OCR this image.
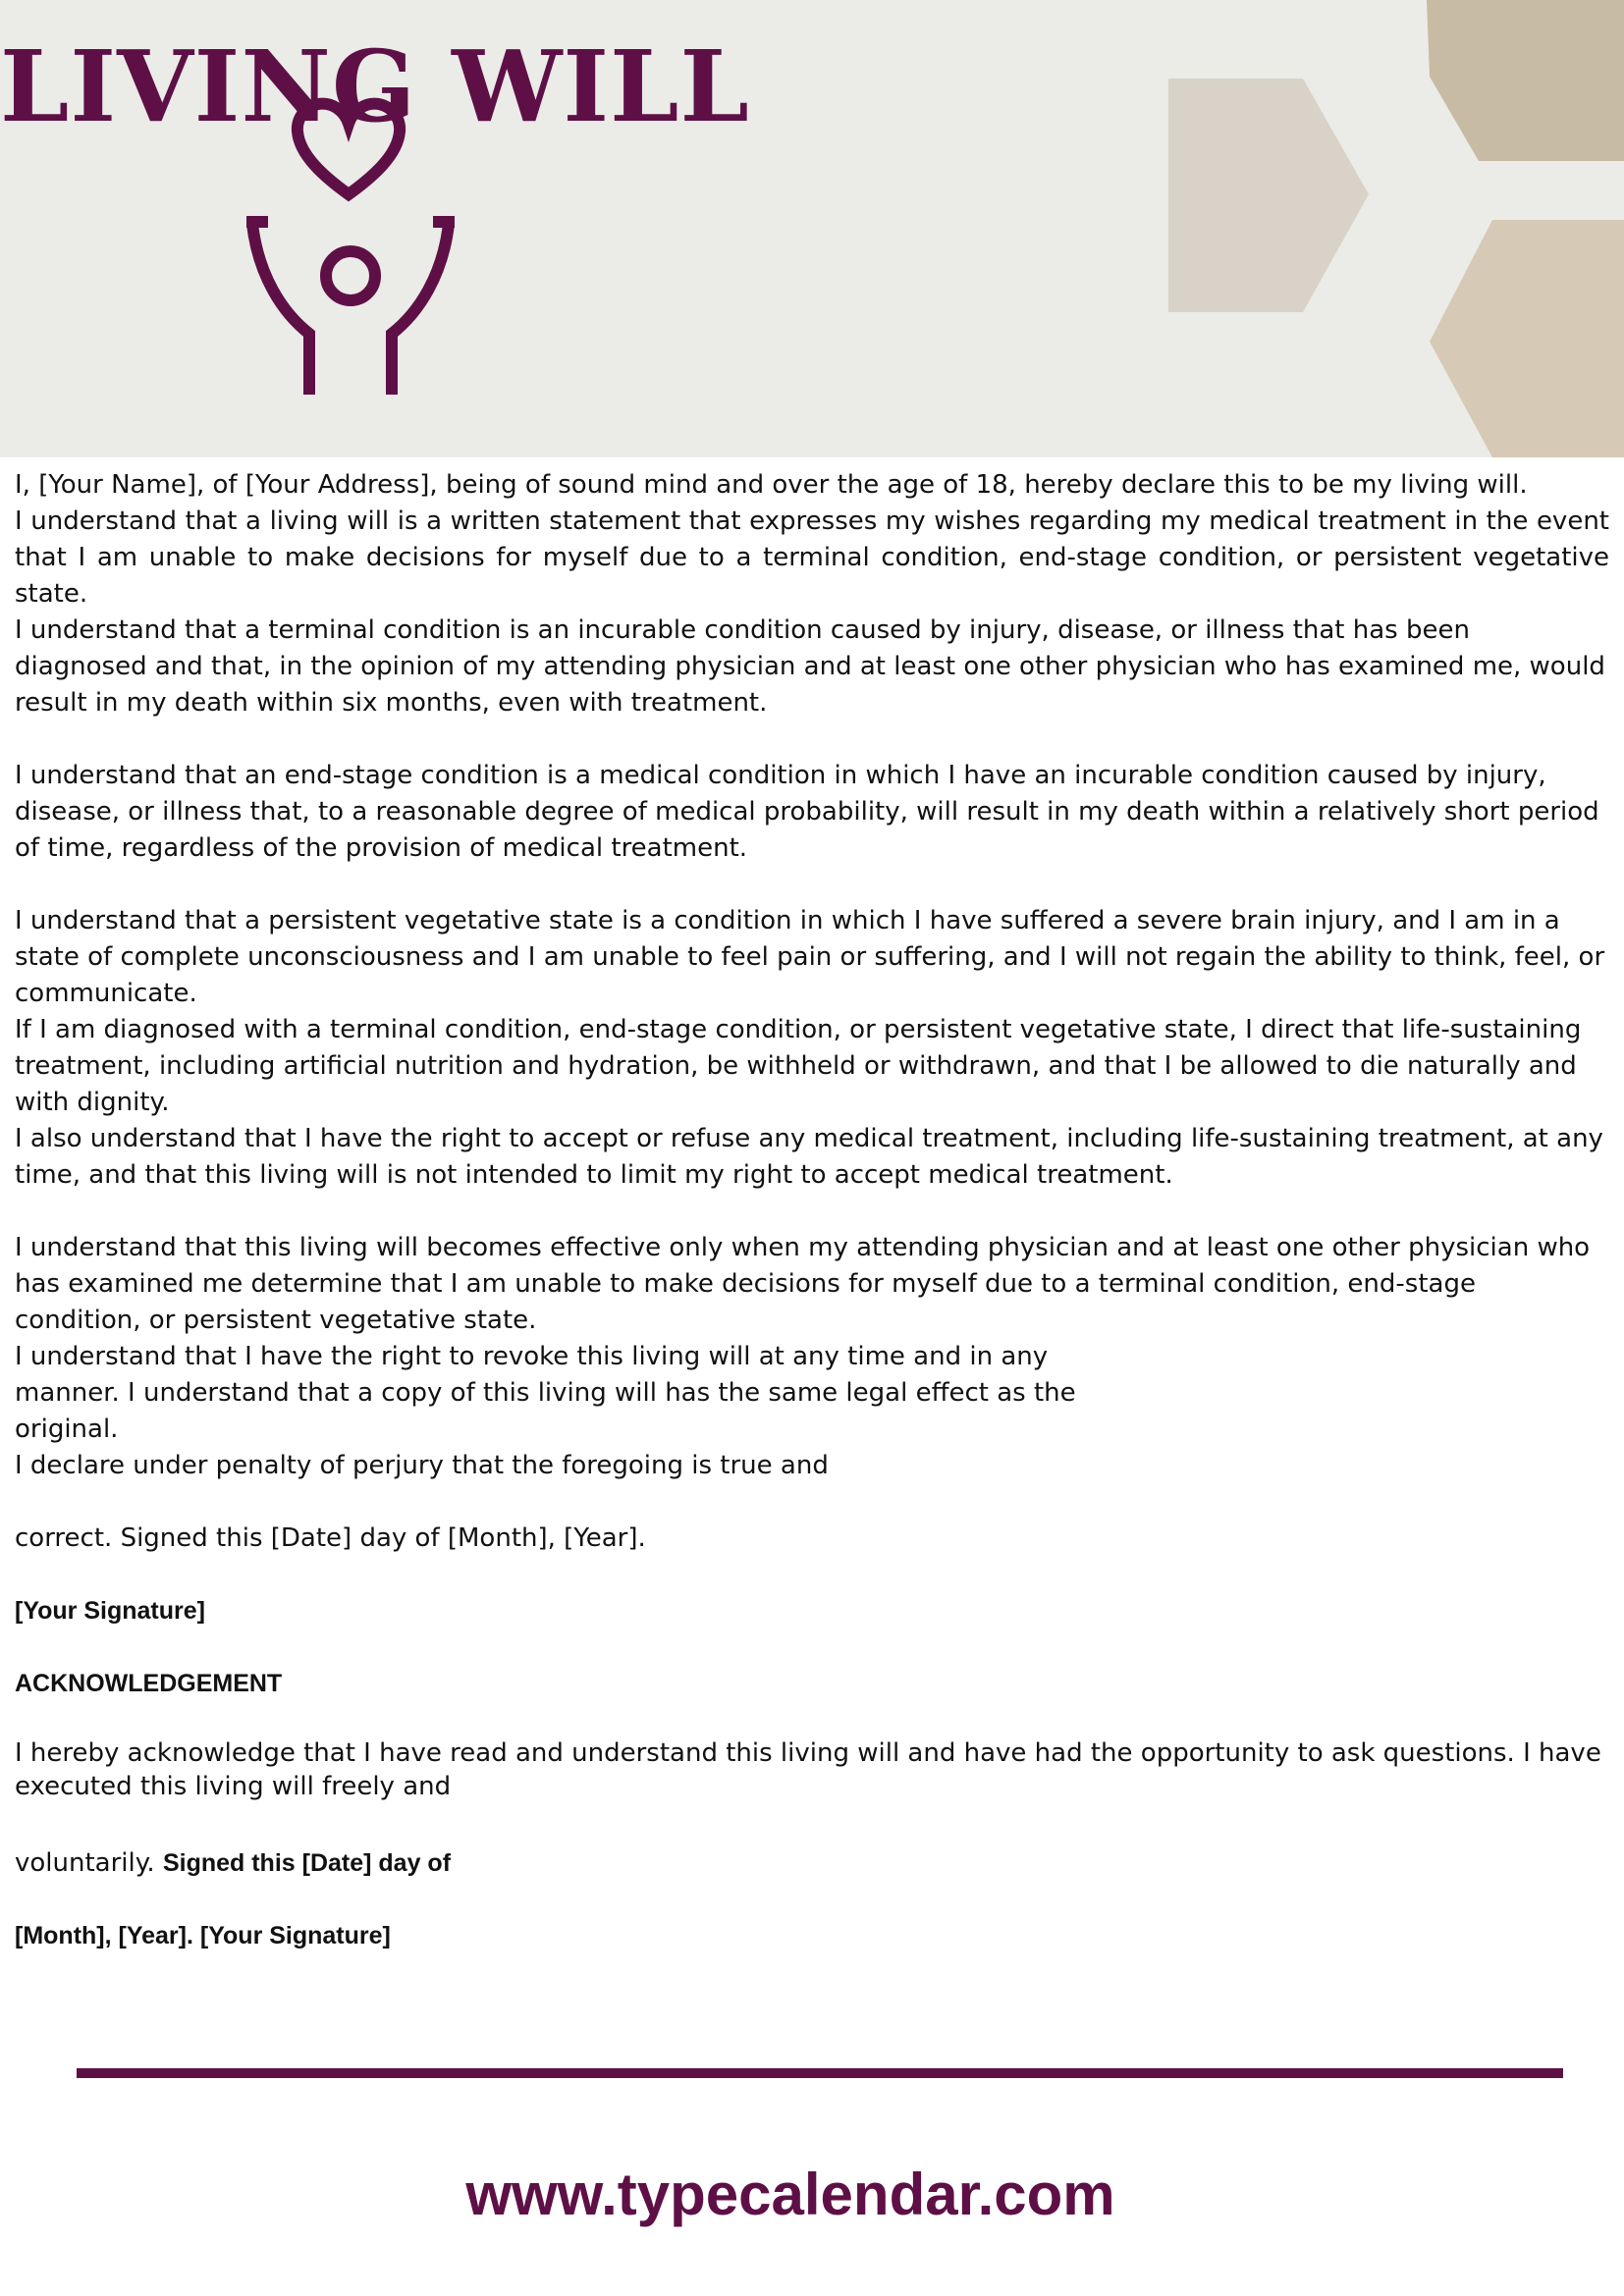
LIVING WILL

I, [Your Name], of [Your Address], being of sound mind and over the age of 18, hereby declare this to be my living will.

I understand that a living will is a written statement that expresses my wishes regarding my medical treatment in the event that I am unable to make decisions for myself due to a terminal condition, end-stage condition, or persistent vegetative state.

I understand that a terminal condition is an incurable condition caused by injury, disease, or illness that has been diagnosed and that, in the opinion of my attending physician and at least one other physician who has examined me, would result in my death within six months, even with treatment.

I understand that an end-stage condition is a medical condition in which I have an incurable condition caused by injury, disease, or illness that, to a reasonable degree of medical probability, will result in my death within a relatively short period of time, regardless of the provision of medical treatment.

I understand that a persistent vegetative state is a condition in which I have suffered a severe brain injury, and I am in a state of complete unconsciousness and I am unable to feel pain or suffering, and I will not regain the ability to think, feel, or communicate.

If I am diagnosed with a terminal condition, end-stage condition, or persistent vegetative state, I direct that life-sustaining treatment, including artificial nutrition and hydration, be withheld or withdrawn, and that I be allowed to die naturally and with dignity.

I also understand that I have the right to accept or refuse any medical treatment, including life-sustaining treatment, at any time, and that this living will is not intended to limit my right to accept medical treatment.

I understand that this living will becomes effective only when my attending physician and at least one other physician who has examined me determine that I am unable to make decisions for myself due to a terminal condition, end-stage condition, or persistent vegetative state.

I understand that I have the right to revoke this living will at any time and in any

manner. I understand that a copy of this living will has the same legal effect as the

original.

I declare under penalty of perjury that the foregoing is true and

correct. Signed this [Date] day of [Month], [Year].

[Your Signature]

ACKNOWLEDGEMENT

I hereby acknowledge that I have read and understand this living will and have had the opportunity to ask questions. I have

executed this living will freely and

voluntarily. Signed this [Date] day of

[Month], [Year]. [Your Signature]

www.typecalendar.com
